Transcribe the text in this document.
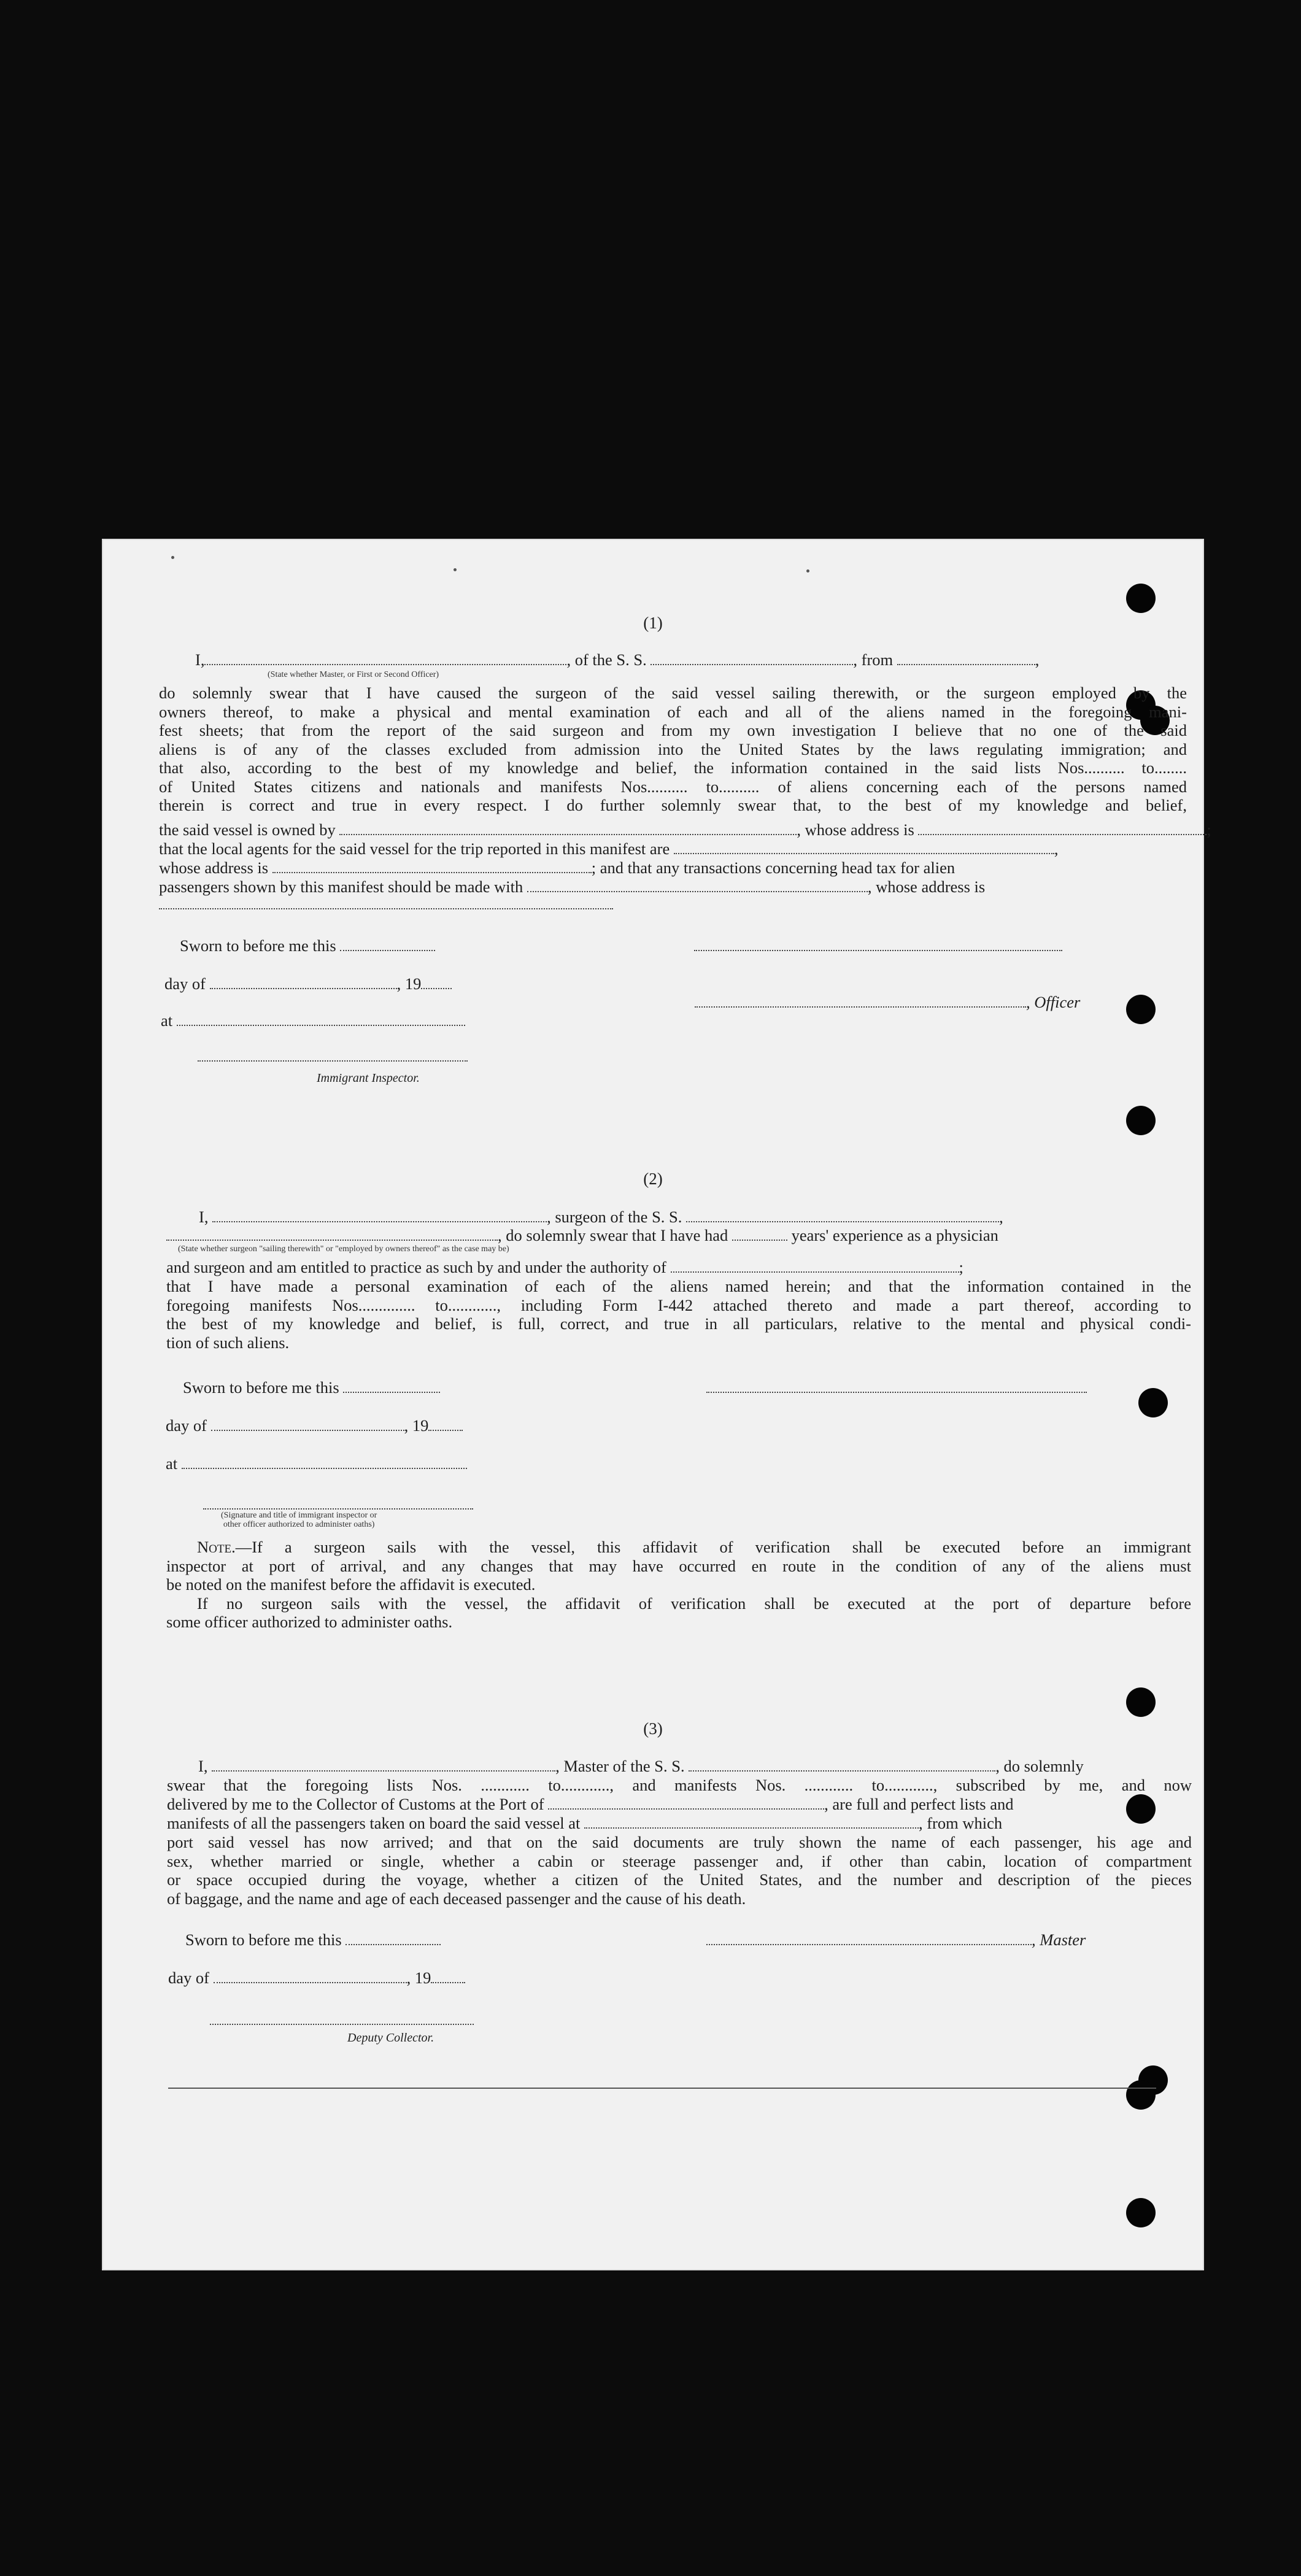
(1)
I,	, of the S. S.	, from	,
(State whether Master, or First or Second Officer)

do solemnly swear that I have caused the surgeon of the said vessel sailing therewith, or the surgeon employed by the

owners thereof, to make a physical and mental examination of each and all of the aliens named in the foregoing mani-

fest sheets; that from the report of the said surgeon and from my own investigation I believe that no one of the said

aliens is of any of the classes excluded from admission into the United States by the laws regulating immigration; and

that also, according to the best of my knowledge and belief, the information contained in the said lists Nos.......... to........

of United States citizens and nationals and manifests Nos.......... to.......... of aliens concerning each of the persons named

therein is correct and true in every respect. I do further solemnly swear that, to the best of my knowledge and belief,

the said vessel is owned by	, whose address is	;
that the local agents for the said vessel for the trip reported in this manifest are	,
whose address is	; and that any transactions concerning head tax for alien
passengers shown by this manifest should be made with	, whose address is
Sworn to before me this
day of	, 19
, Officer
at
Immigrant Inspector.
(2)
I,	, surgeon of the S. S.	,
, do solemnly swear that I have had	years' experience as a physician
(State whether surgeon "sailing therewith" or "employed by owners thereof" as the case may be)
and surgeon and am entitled to practice as such by and under the authority of	;

that I have made a personal examination of each of the aliens named herein; and that the information contained in the

foregoing manifests Nos.............. to............, including Form I-442 attached thereto and made a part thereof, according to

the best of my knowledge and belief, is full, correct, and true in all particulars, relative to the mental and physical condi-

tion of such aliens.

Sworn to before me this
day of	, 19
at
(Signature and title of immigrant inspector or
other officer authorized to administer oaths)

Note.—If a surgeon sails with the vessel, this affidavit of verification shall be executed before an immigrant

inspector at port of arrival, and any changes that may have occurred en route in the condition of any of the aliens must

be noted on the manifest before the affidavit is executed.

If no surgeon sails with the vessel, the affidavit of verification shall be executed at the port of departure before

some officer authorized to administer oaths.

(3)
I,	, Master of the S. S.	, do solemnly

swear that the foregoing lists Nos. ............ to............, and manifests Nos. ............ to............, subscribed by me, and now

delivered by me to the Collector of Customs at the Port of	, are full and perfect lists and
manifests of all the passengers taken on board the said vessel at	, from which

port said vessel has now arrived; and that on the said documents are truly shown the name of each passenger, his age and

sex, whether married or single, whether a cabin or steerage passenger and, if other than cabin, location of compartment

or space occupied during the voyage, whether a citizen of the United States, and the number and description of the pieces

of baggage, and the name and age of each deceased passenger and the cause of his death.

Sworn to before me this	, Master
day of	, 19
Deputy Collector.
